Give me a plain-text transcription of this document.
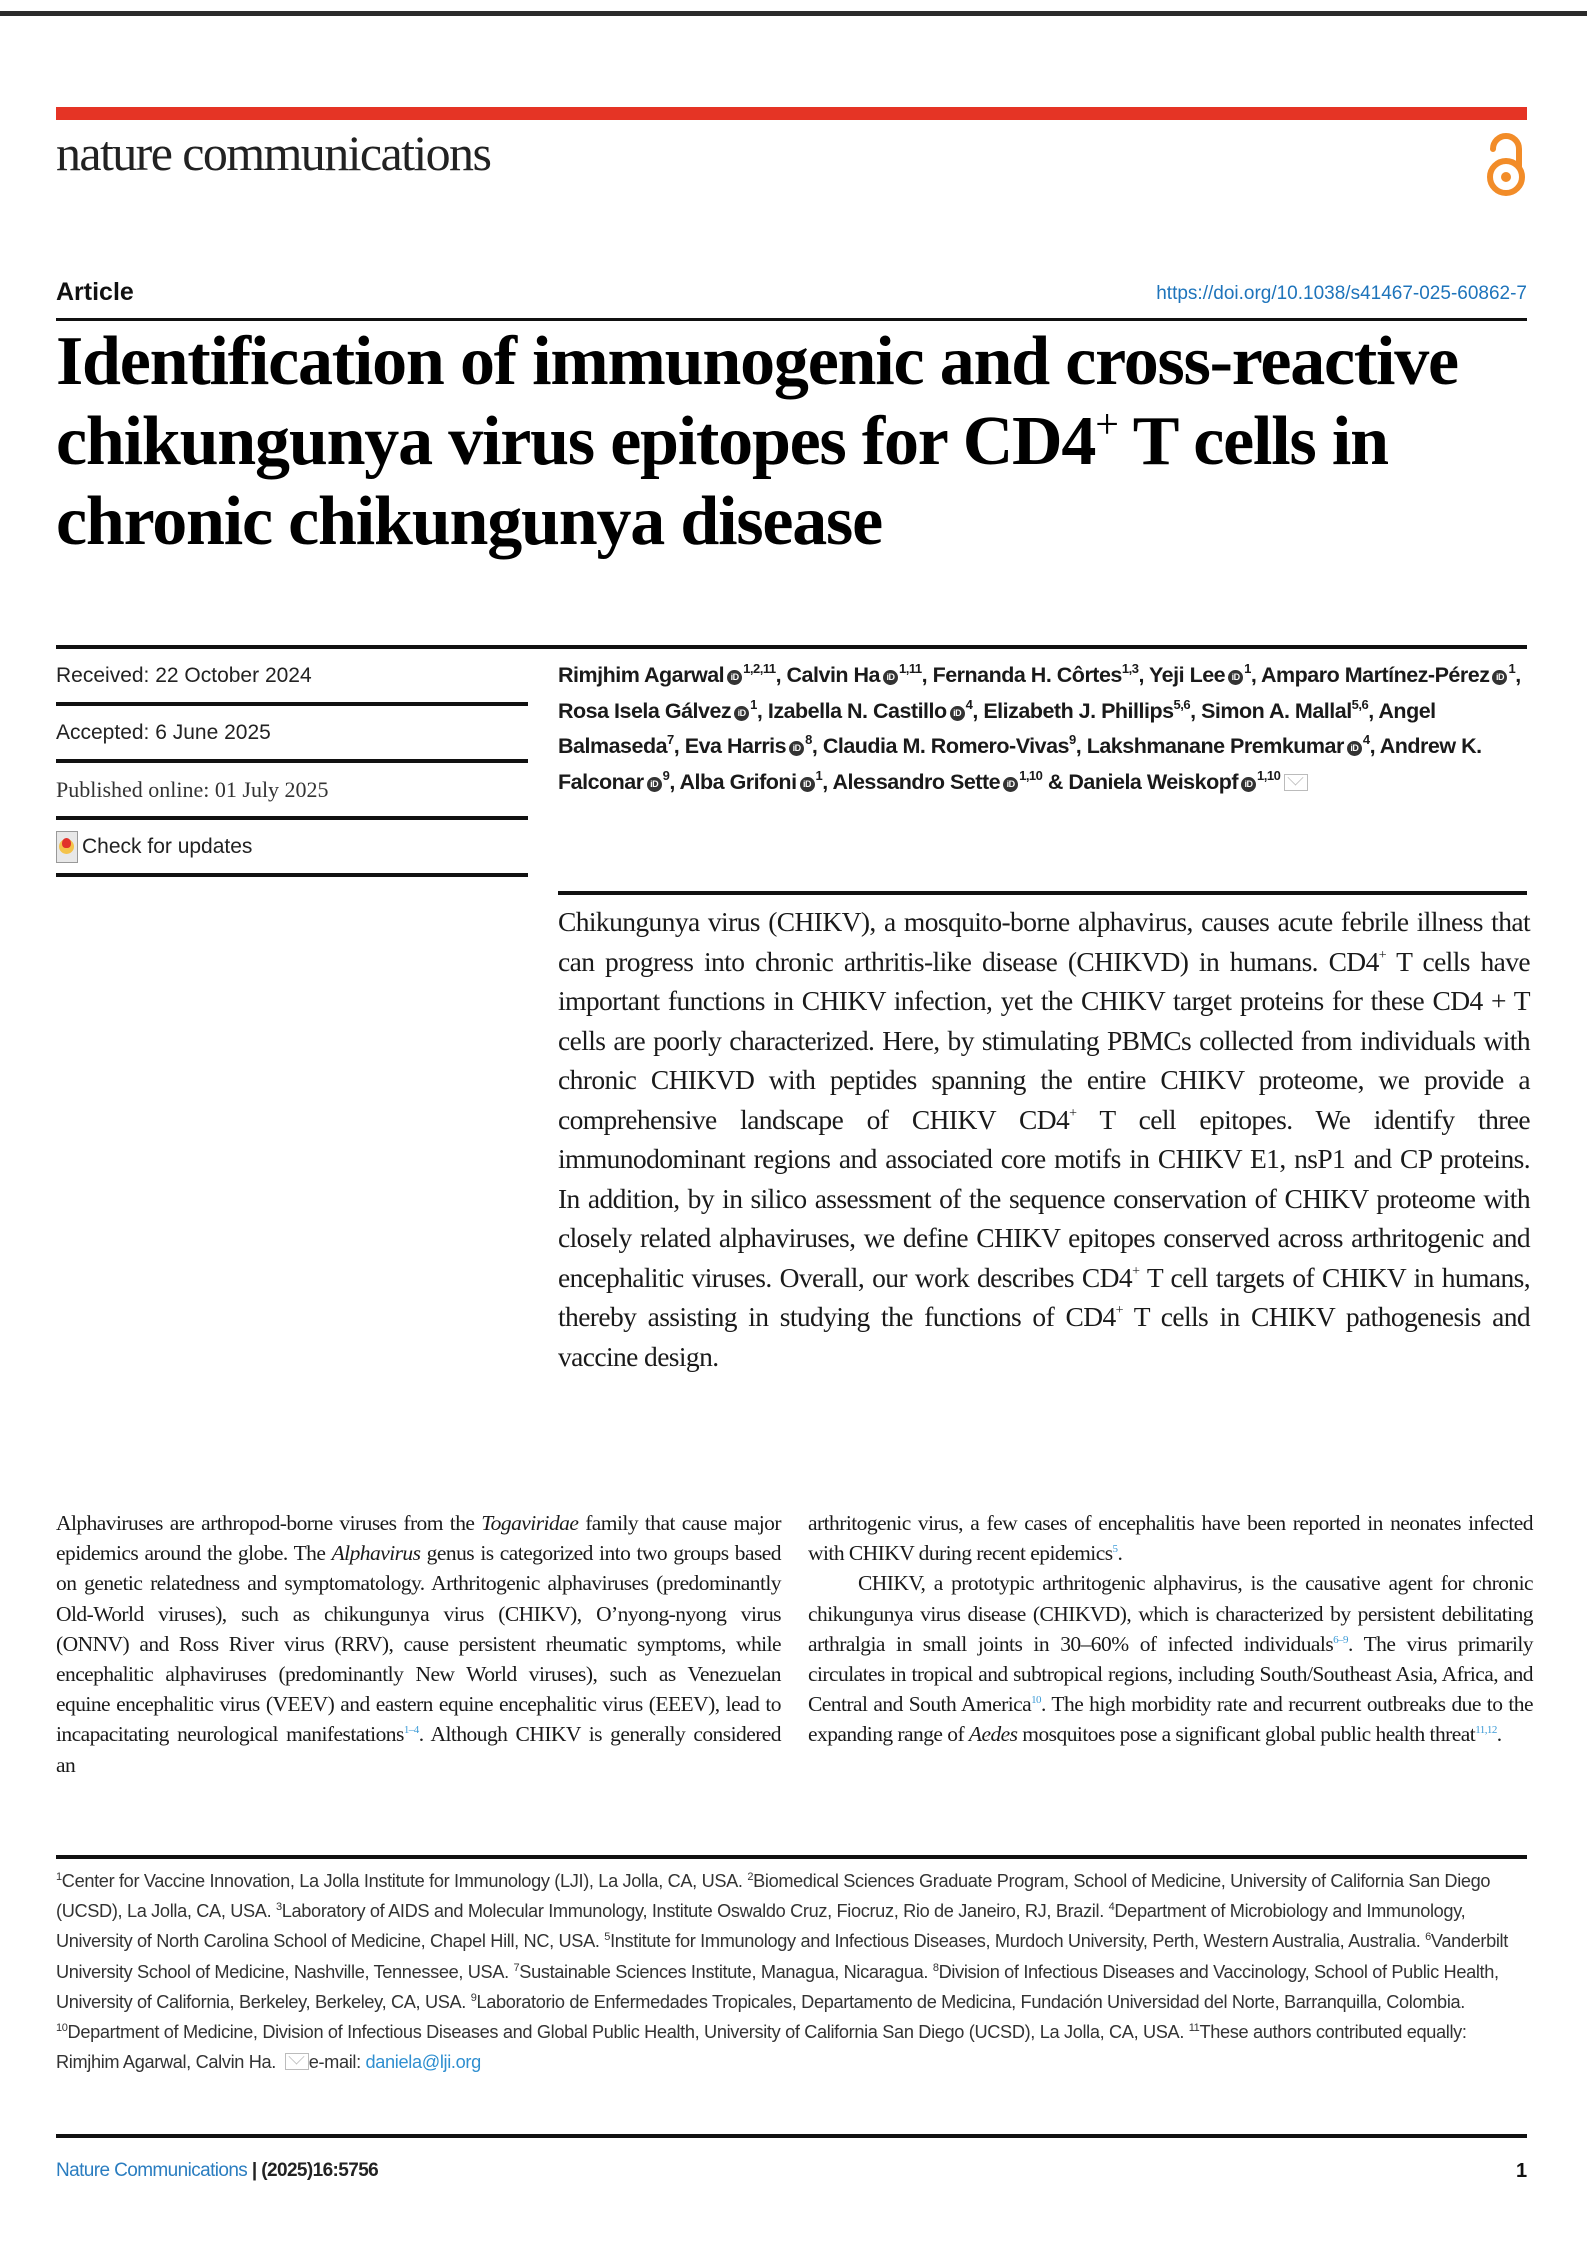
nature communications
Article	https://doi.org/10.1038/s41467-025-60862-7
Identification of immunogenic and cross-reactive chikungunya virus epitopes for CD4+ T cells in chronic chikungunya disease
Received: 22 October 2024
Accepted: 6 June 2025
Published online: 01 July 2025
Check for updates
Rimjhim Agarwal iD$^{1,2,11}$, Calvin Ha iD$^{1,11}$, Fernanda H. Côrtes$^{1,3}$, Yeji Lee $iD^1$, Amparo Martínez-Pérez $iD^1$, Rosa Isela Gálvez $iD^1$, Izabella N. Castillo $iD^4$, Elizabeth J. Phillips$^{5,6}$, Simon A. Mallal$^{5,6}$, Angel Balmaseda$^7$, Eva Harris $iD^8$, Claudia M. Romero-Vivas$^9$, Lakshmanane Premkumar $iD^4$, Andrew K. Falconar $iD^9$, Alba Grifoni $iD^1$, Alessandro Sette iD$^{1,10}$ & Daniela Weiskopf iD$^{1,10}$

Chikungunya virus (CHIKV), a mosquito-borne alphavirus, causes acute febrile illness that can progress into chronic arthritis-like disease (CHIKVD) in humans. CD4+ T cells have important functions in CHIKV infection, yet the CHIKV target proteins for these CD4 + T cells are poorly characterized. Here, by stimulating PBMCs collected from individuals with chronic CHIKVD with peptides spanning the entire CHIKV proteome, we provide a comprehensive landscape of CHIKV CD4+ T cell epitopes. We identify three immunodominant regions and associated core motifs in CHIKV E1, nsP1 and CP proteins. In addition, by in silico assessment of the sequence conservation of CHIKV proteome with closely related alphaviruses, we define CHIKV epitopes conserved across arthritogenic and encephalitic viruses. Overall, our work describes CD4+ T cell targets of CHIKV in humans, thereby assisting in studying the functions of CD4+ T cells in CHIKV pathogenesis and vaccine design.

Alphaviruses are arthropod-borne viruses from the Togaviridae family that cause major epidemics around the globe. The Alphavirus genus is categorized into two groups based on genetic relatedness and symptomatology. Arthritogenic alphaviruses (predominantly Old-World viruses), such as chikungunya virus (CHIKV), O’nyong-nyong virus (ONNV) and Ross River virus (RRV), cause persistent rheumatic symptoms, while encephalitic alphaviruses (predominantly New World viruses), such as Venezuelan equine encephalitic virus (VEEV) and eastern equine encephalitic virus (EEEV), lead to incapacitating neurological manifestations$^{1-4}$. Although CHIKV is generally considered an

arthritogenic virus, a few cases of encephalitis have been reported in neonates infected with CHIKV during recent epidemics$^5$.

CHIKV, a prototypic arthritogenic alphavirus, is the causative agent for chronic chikungunya virus disease (CHIKVD), which is characterized by persistent debilitating arthralgia in small joints in 30–60% of infected individuals$^{6-9}$. The virus primarily circulates in tropical and subtropical regions, including South/Southeast Asia, Africa, and Central and South America$^{10}$. The high morbidity rate and recurrent outbreaks due to the expanding range of Aedes mosquitoes pose a significant global public health threat$^{11,12}$.

$^1$Center for Vaccine Innovation, La Jolla Institute for Immunology (LJI), La Jolla, CA, USA. $^2$Biomedical Sciences Graduate Program, School of Medicine, University of California San Diego (UCSD), La Jolla, CA, USA. $^3$Laboratory of AIDS and Molecular Immunology, Institute Oswaldo Cruz, Fiocruz, Rio de Janeiro, RJ, Brazil. $^4$Department of Microbiology and Immunology, University of North Carolina School of Medicine, Chapel Hill, NC, USA. $^5$Institute for Immunology and Infectious Diseases, Murdoch University, Perth, Western Australia, Australia. $^6$Vanderbilt University School of Medicine, Nashville, Tennessee, USA. $^7$Sustainable Sciences Institute, Managua, Nicaragua. $^8$Division of Infectious Diseases and Vaccinology, School of Public Health, University of California, Berkeley, Berkeley, CA, USA. $^9$Laboratorio de Enfermedades Tropicales, Departamento de Medicina, Fundación Universidad del Norte, Barranquilla, Colombia. $^{10}$Department of Medicine, Division of Infectious Diseases and Global Public Health, University of California San Diego (UCSD), La Jolla, CA, USA. $^{11}$These authors contributed equally: Rimjhim Agarwal, Calvin Ha. e-mail: daniela@lji.org

Nature Communications | (2025)16:5756	1
